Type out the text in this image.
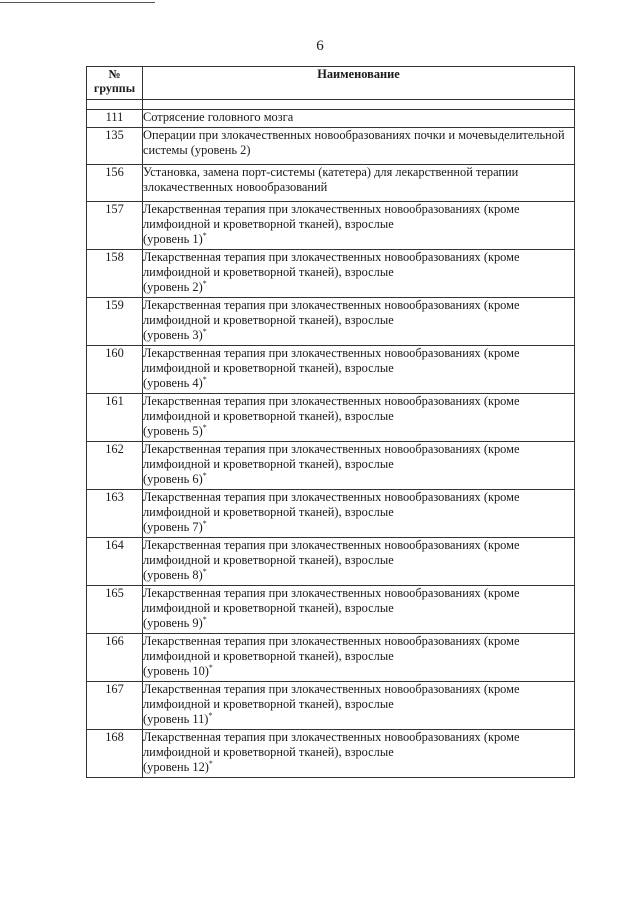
6
№
группы	Наименование

111	Сотрясение головного мозга
135	Операции при злокачественных новообразованиях почки и мочевыделительной системы (уровень 2)
156	Установка, замена порт-системы (катетера) для лекарственной терапии злокачественных новообразований
157	Лекарственная терапия при злокачественных новообразованиях (кроме лимфоидной и кроветворной тканей), взрослые
(уровень 1)*

158	Лекарственная терапия при злокачественных новообразованиях (кроме лимфоидной и кроветворной тканей), взрослые
(уровень 2)*

159	Лекарственная терапия при злокачественных новообразованиях (кроме лимфоидной и кроветворной тканей), взрослые
(уровень 3)*

160	Лекарственная терапия при злокачественных новообразованиях (кроме лимфоидной и кроветворной тканей), взрослые
(уровень 4)*

161	Лекарственная терапия при злокачественных новообразованиях (кроме лимфоидной и кроветворной тканей), взрослые
(уровень 5)*

162	Лекарственная терапия при злокачественных новообразованиях (кроме лимфоидной и кроветворной тканей), взрослые
(уровень 6)*

163	Лекарственная терапия при злокачественных новообразованиях (кроме лимфоидной и кроветворной тканей), взрослые
(уровень 7)*

164	Лекарственная терапия при злокачественных новообразованиях (кроме лимфоидной и кроветворной тканей), взрослые
(уровень 8)*

165	Лекарственная терапия при злокачественных новообразованиях (кроме лимфоидной и кроветворной тканей), взрослые
(уровень 9)*

166	Лекарственная терапия при злокачественных новообразованиях (кроме лимфоидной и кроветворной тканей), взрослые
(уровень 10)*

167	Лекарственная терапия при злокачественных новообразованиях (кроме лимфоидной и кроветворной тканей), взрослые
(уровень 11)*

168	Лекарственная терапия при злокачественных новообразованиях (кроме лимфоидной и кроветворной тканей), взрослые
(уровень 12)*
